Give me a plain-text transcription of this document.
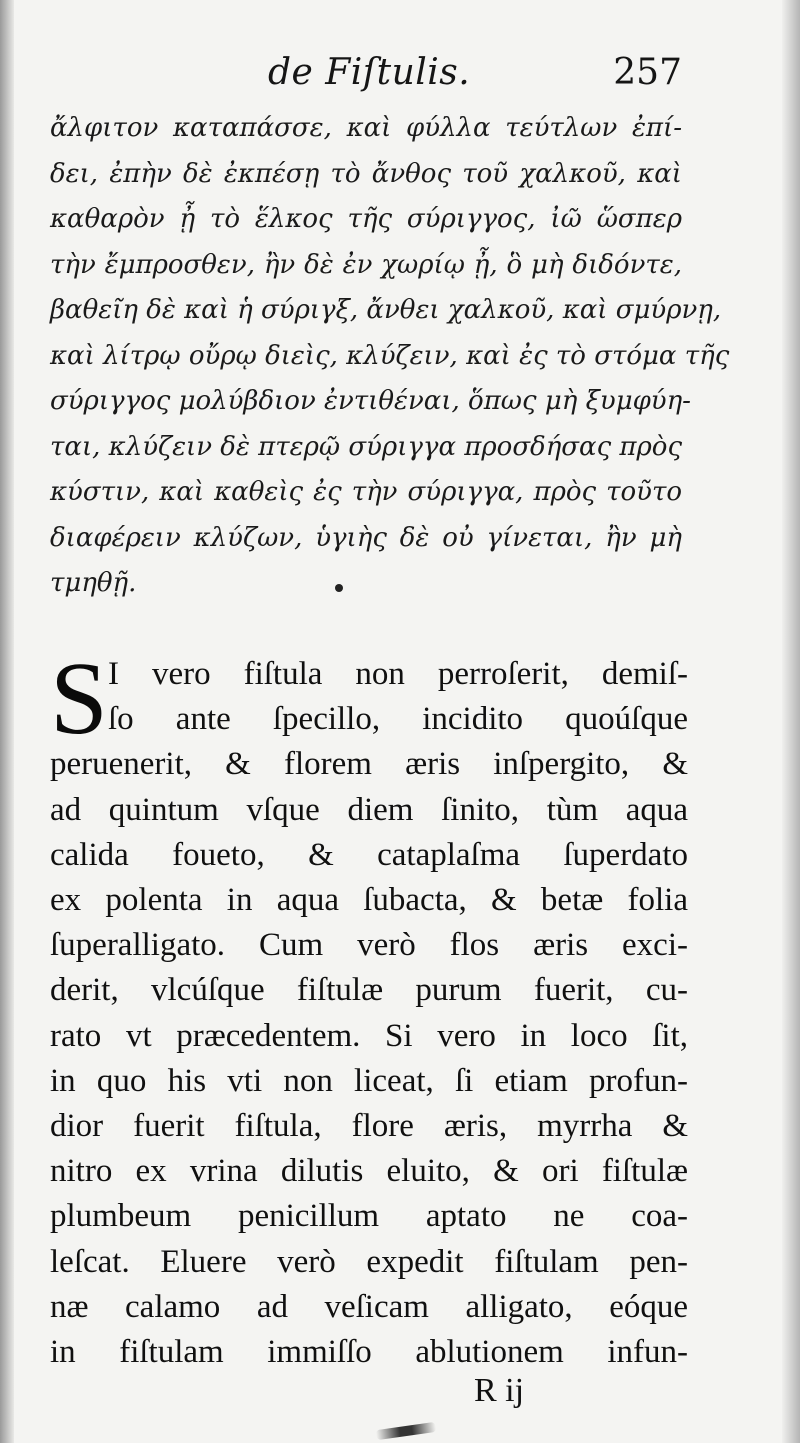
de Fiſtulis.	257
ἄλφιτον καταπάσσε, καὶ φύλλα τεύτλων ἐπί-
δει, ἐπὴν δὲ ἐκπέσῃ τὸ ἄνθος τοῦ χαλκοῦ, καὶ
καθαρὸν ᾖ τὸ ἕλκος τῆς σύριγγος, ἰῶ ὥσπερ
τὴν ἔμπροσθεν, ἢν δὲ ἐν χωρίῳ ᾖ, ὃ μὴ διδόντε,
βαθεῖη δὲ καὶ ἡ σύριγξ, ἄνθει χαλκοῦ, καὶ σμύρνῃ,
καὶ λίτρῳ οὔρῳ διεὶς, κλύζειν, καὶ ἐς τὸ στόμα τῆς
σύριγγος μολύβδιον ἐντιθέναι, ὅπως μὴ ξυμφύη-
ται, κλύζειν δὲ πτερῷ σύριγγα προσδήσας πρὸς
κύστιν, καὶ καθεὶς ἐς τὴν σύριγγα, πρὸς τοῦτο
διαφέρειν κλύζων, ὑγιὴς δὲ οὐ γίνεται, ἢν μὴ
τμηθῇ.
S I vero fiſtula non perroſerit, demiſ-
ſo ante ſpecillo, incidito quoúſque
peruenerit, & florem æris inſpergito, &
ad quintum vſque diem ſinito, tùm aqua
calida foueto, & cataplaſma ſuperdato
ex polenta in aqua ſubacta, & betæ folia
ſuperalligato. Cum verò flos æris exci-
derit, vlcúſque fiſtulæ purum fuerit, cu-
rato vt præcedentem. Si vero in loco ſit,
in quo his vti non liceat, ſi etiam profun-
dior fuerit fiſtula, flore æris, myrrha &
nitro ex vrina dilutis eluito, & ori fiſtulæ
plumbeum penicillum aptato ne coa-
leſcat. Eluere verò expedit fiſtulam pen-
næ calamo ad veſicam alligato, eóque
in fiſtulam immiſſo ablutionem infun-
R ij
